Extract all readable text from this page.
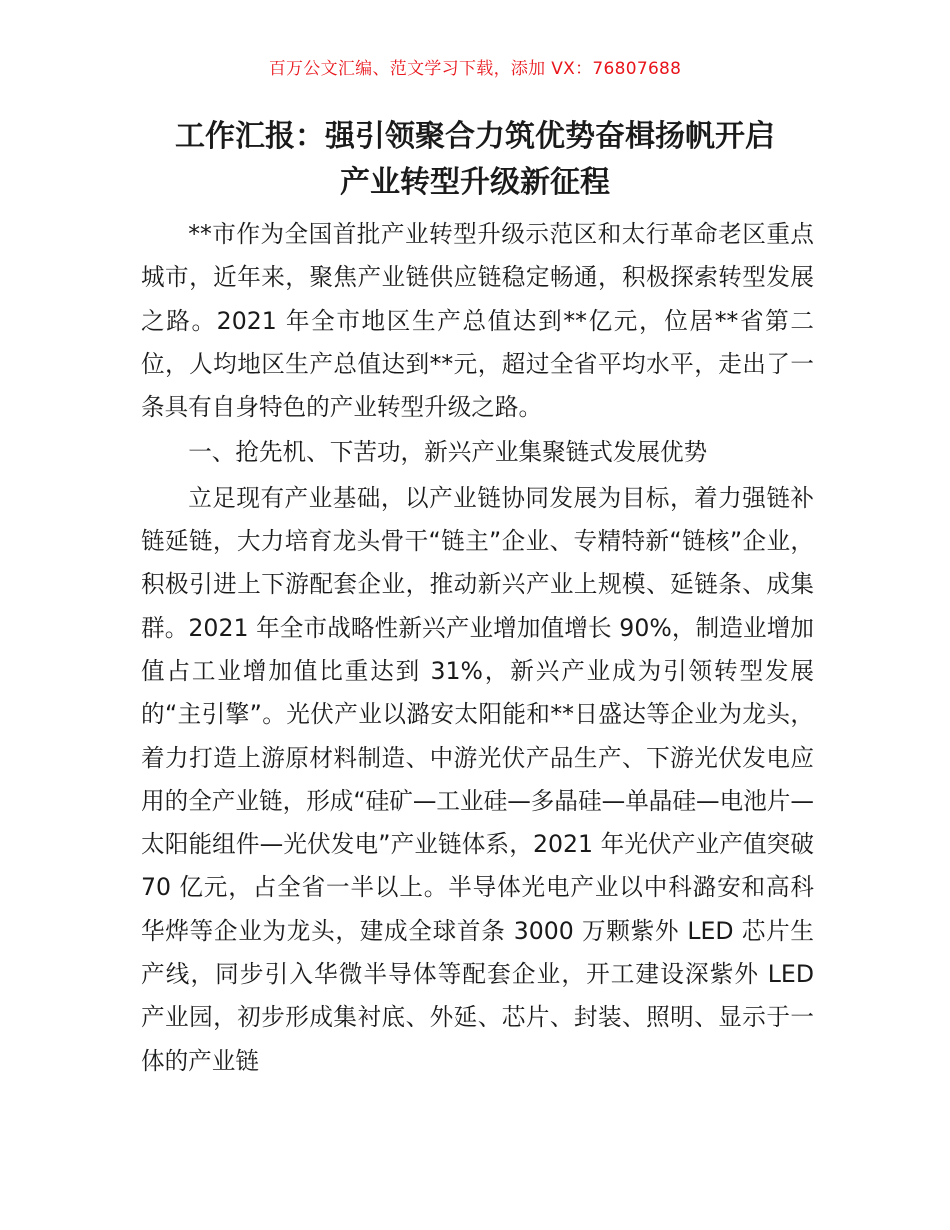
百万公文汇编、范文学习下载，添加 VX：76807688
工作汇报：强引领聚合力筑优势奋楫扬帆开启
产业转型升级新征程

**市作为全国首批产业转型升级示范区和太行革命老区重点城市，近年来，聚焦产业链供应链稳定畅通，积极探索转型发展之路。2021 年全市地区生产总值达到**亿元，位居**省第二位，人均地区生产总值达到**元，超过全省平均水平，走出了一条具有自身特色的产业转型升级之路。

一、抢先机、下苦功，新兴产业集聚链式发展优势

立足现有产业基础，以产业链协同发展为目标，着力强链补链延链，大力培育龙头骨干“链主”企业、专精特新“链核”企业，积极引进上下游配套企业，推动新兴产业上规模、延链条、成集群。2021 年全市战略性新兴产业增加值增长 90%，制造业增加值占工业增加值比重达到 31%，新兴产业成为引领转型发展的“主引擎”。光伏产业以潞安太阳能和**日盛达等企业为龙头，着力打造上游原材料制造、中游光伏产品生产、下游光伏发电应用的全产业链，形成“硅矿—工业硅—多晶硅—单晶硅—电池片—太阳能组件—光伏发电”产业链体系，2021 年光伏产业产值突破 70 亿元，占全省一半以上。半导体光电产业以中科潞安和高科华烨等企业为龙头，建成全球首条 3000 万颗紫外 LED 芯片生产线，同步引入华微半导体等配套企业，开工建设深紫外 LED 产业园，初步形成集衬底、外延、芯片、封装、照明、显示于一体的产业链
